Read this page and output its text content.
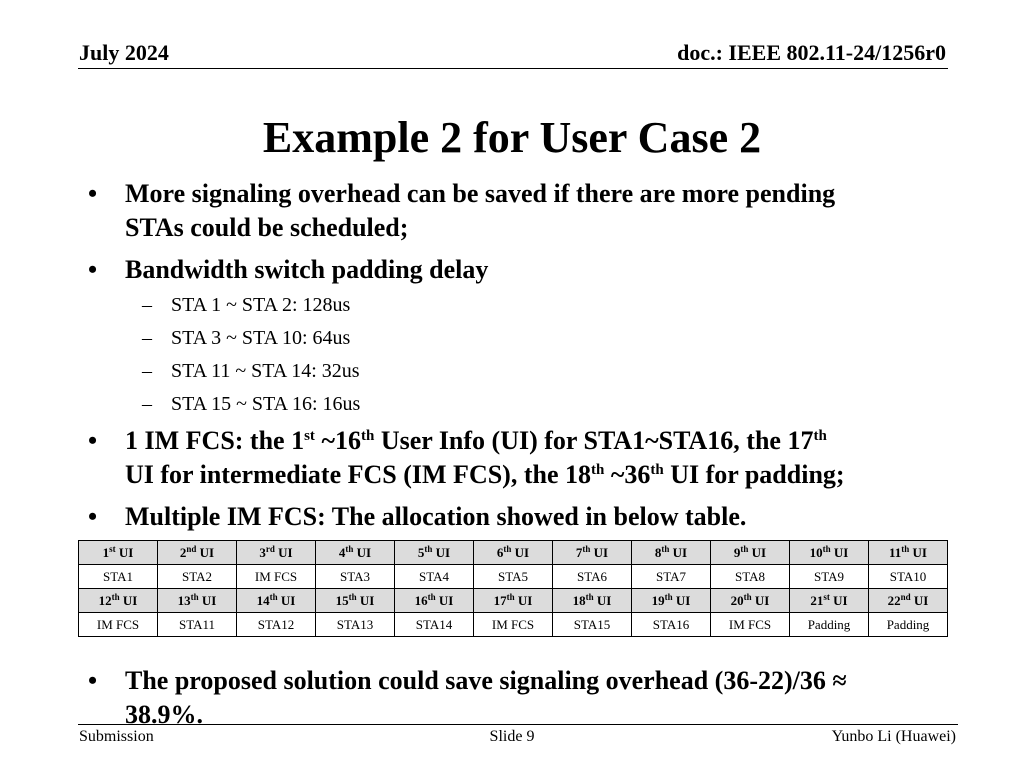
July 2024	doc.: IEEE 802.11-24/1256r0
Example 2 for User Case 2
• More signaling overhead can be saved if there are more pending
STAs could be scheduled;
• Bandwidth switch padding delay
– STA 1 ~ STA 2: 128us
– STA 3 ~ STA 10: 64us
– STA 11 ~ STA 14: 32us
– STA 15 ~ STA 16: 16us
• 1 IM FCS: the 1st ~16th User Info (UI) for STA1~STA16, the 17th
UI for intermediate FCS (IM FCS), the 18th ~36th UI for padding;
• Multiple IM FCS: The allocation showed in below table.
1st UI	2nd UI	3rd UI	4th UI	5th UI	6th UI	7th UI	8th UI	9th UI	10th UI	11th UI
STA1	STA2	IM FCS	STA3	STA4	STA5	STA6	STA7	STA8	STA9	STA10
12th UI	13th UI	14th UI	15th UI	16th UI	17th UI	18th UI	19th UI	20th UI	21st UI	22nd UI
IM FCS	STA11	STA12	STA13	STA14	IM FCS	STA15	STA16	IM FCS	Padding	Padding
• The proposed solution could save signaling overhead (36-22)/36 ≈
38.9%.
Submission	Slide 9	Yunbo Li (Huawei)
